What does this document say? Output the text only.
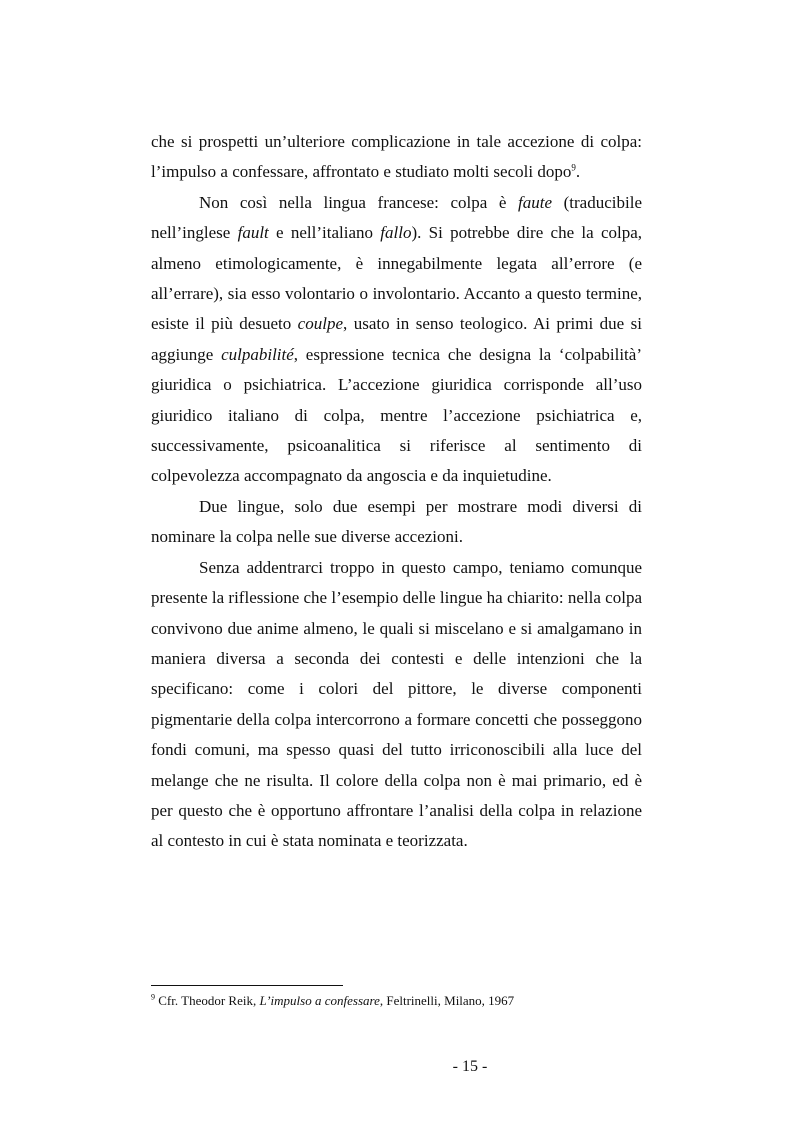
che si prospetti un’ulteriore complicazione in tale accezione di colpa: l’impulso a confessare, affrontato e studiato molti secoli dopo$^9$.

Non così nella lingua francese: colpa è faute (traducibile nell’inglese fault e nell’italiano fallo). Si potrebbe dire che la colpa, almeno etimologicamente, è innegabilmente legata all’errore (e all’errare), sia esso volontario o involontario. Accanto a questo termine, esiste il più desueto coulpe, usato in senso teologico. Ai primi due si aggiunge culpabilité, espressione tecnica che designa la ‘colpabilità’ giuridica o psichiatrica. L’accezione giuridica corrisponde all’uso giuridico italiano di colpa, mentre l’accezione psichiatrica e, successivamente, psicoanalitica si riferisce al sentimento di colpevolezza accompagnato da angoscia e da inquietudine.

Due lingue, solo due esempi per mostrare modi diversi di nominare la colpa nelle sue diverse accezioni.

Senza addentrarci troppo in questo campo, teniamo comunque presente la riflessione che l’esempio delle lingue ha chiarito: nella colpa convivono due anime almeno, le quali si miscelano e si amalgamano in maniera diversa a seconda dei contesti e delle intenzioni che la specificano: come i colori del pittore, le diverse componenti pigmentarie della colpa intercorrono a formare concetti che posseggono fondi comuni, ma spesso quasi del tutto irriconoscibili alla luce del melange che ne risulta. Il colore della colpa non è mai primario, ed è per questo che è opportuno affrontare l’analisi della colpa in relazione al contesto in cui è stata nominata e teorizzata.

$^9$ Cfr. Theodor Reik, L’impulso a confessare, Feltrinelli, Milano, 1967

- 15 -
